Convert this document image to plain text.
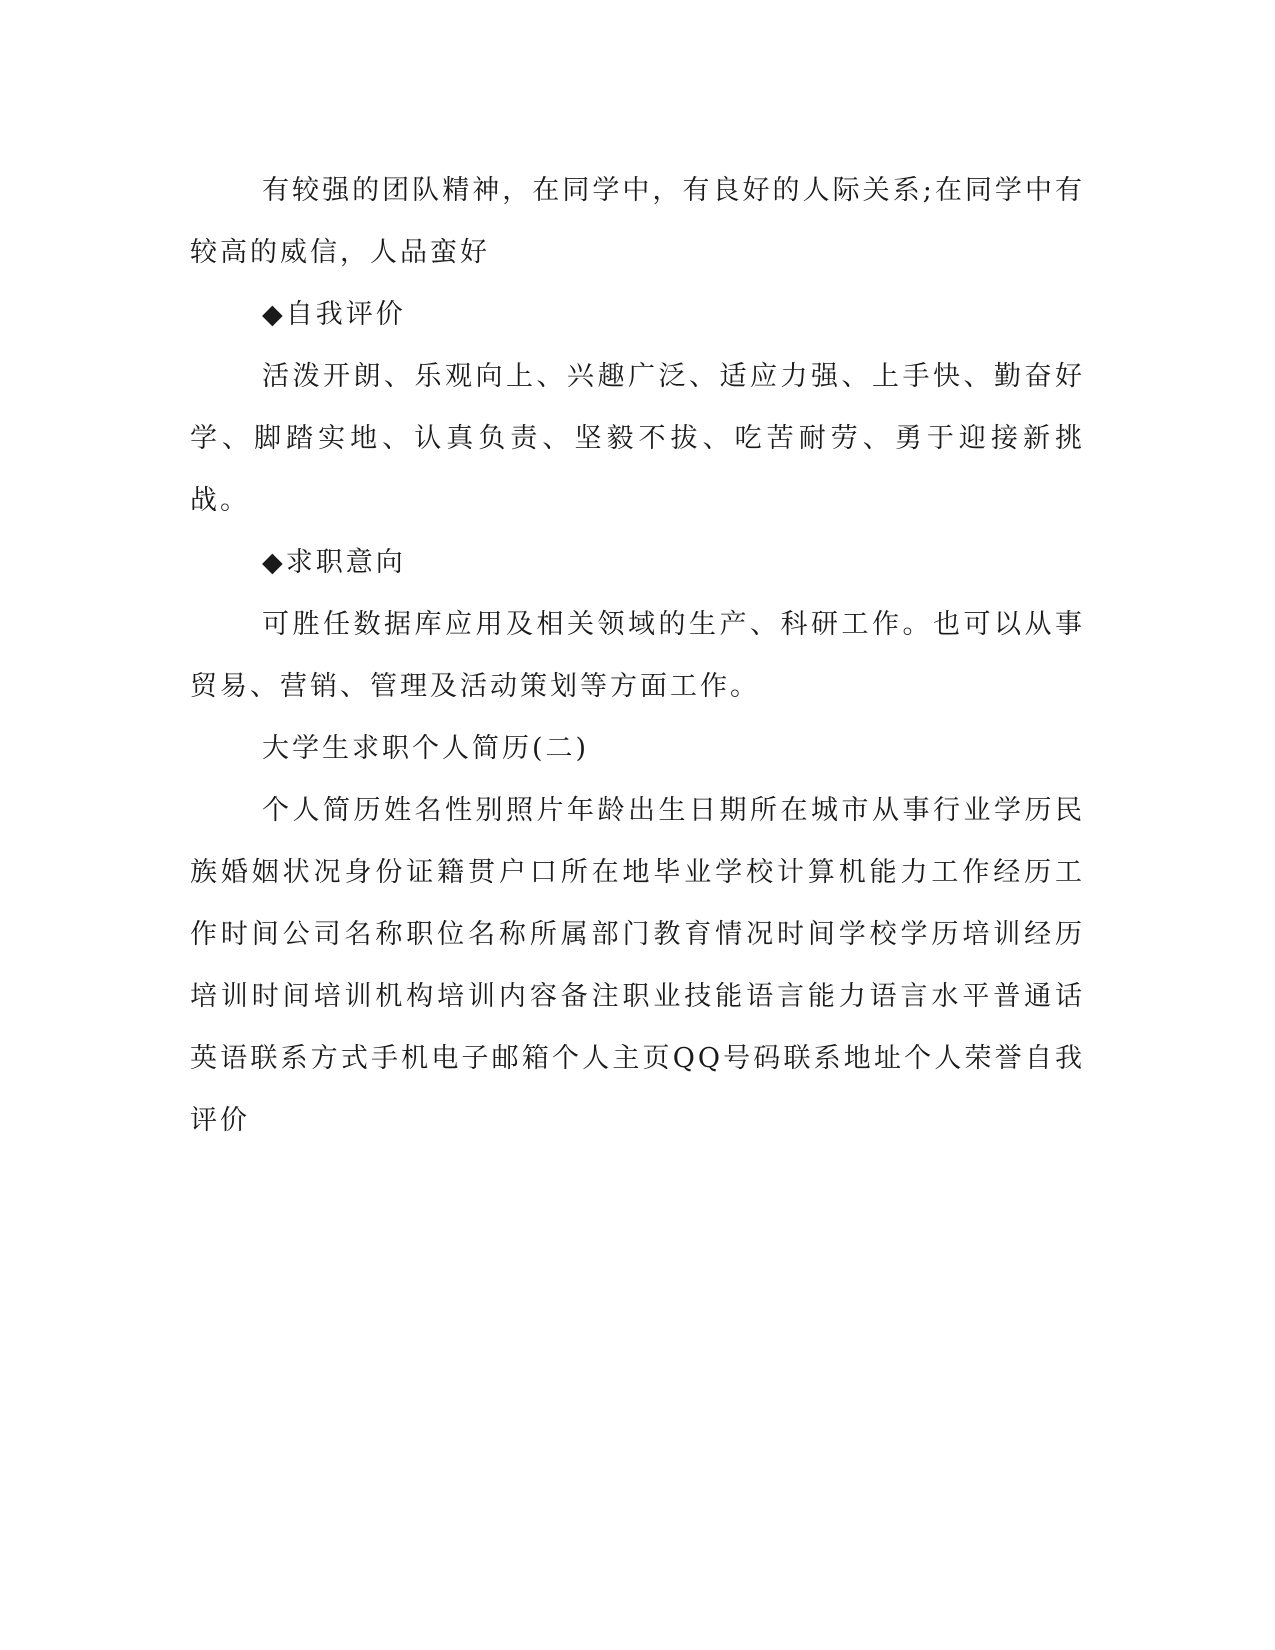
有较强的团队精神，在同学中，有良好的人际关系;在同学中有较高的威信，人品蛮好

◆自我评价

活泼开朗、乐观向上、兴趣广泛、适应力强、上手快、勤奋好学、脚踏实地、认真负责、坚毅不拔、吃苦耐劳、勇于迎接新挑战。

◆求职意向

可胜任数据库应用及相关领域的生产、科研工作。也可以从事贸易、营销、管理及活动策划等方面工作。

大学生求职个人简历(二)

个人简历姓名性别照片年龄出生日期所在城市从事行业学历民族婚姻状况身份证籍贯户口所在地毕业学校计算机能力工作经历工作时间公司名称职位名称所属部门教育情况时间学校学历培训经历培训时间培训机构培训内容备注职业技能语言能力语言水平普通话英语联系方式手机电子邮箱个人主页QQ号码联系地址个人荣誉自我评价
